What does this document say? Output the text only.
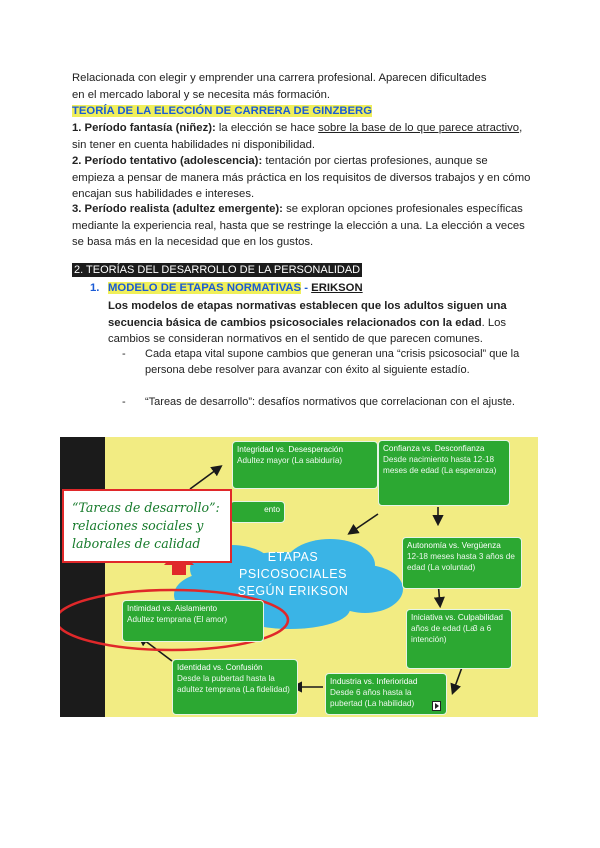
Relacionada con elegir y emprender una carrera profesional. Aparecen dificultades
en el mercado laboral y se necesita más formación.
TEORÍA DE LA ELECCIÓN DE CARRERA DE GINZBERG
1. Período fantasía (niñez): la elección se hace sobre la base de lo que parece atractivo, sin tener en cuenta habilidades ni disponibilidad.
2. Período tentativo (adolescencia): tentación por ciertas profesiones, aunque se empieza a pensar de manera más práctica en los requisitos de diversos trabajos y en cómo encajan sus habilidades e intereses.
3. Período realista (adultez emergente): se exploran opciones profesionales específicas mediante la experiencia real, hasta que se restringe la elección a una. La elección a veces se basa más en la necesidad que en los gustos.
2. TEORÍAS DEL DESARROLLO DE LA PERSONALIDAD
1. MODELO DE ETAPAS NORMATIVAS - ERIKSON
Los modelos de etapas normativas establecen que los adultos siguen una secuencia básica de cambios psicosociales relacionados con la edad. Los cambios se consideran normativos en el sentido de que parecen comunes.
-	Cada etapa vital supone cambios que generan una “crisis psicosocial” que la persona debe resolver para avanzar con éxito al siguiente estadío.
-	“Tareas de desarrollo”: desafíos normativos que correlacionan con el ajuste.
ETAPAS
PSICOSOCIALES
SEGÚN ERIKSON
Integridad vs. Desesperación
Adultez mayor (La sabiduría)
Confianza vs. Desconfianza
Desde nacimiento hasta 12-18 meses de edad (La esperanza)
ento
Autonomía vs. Vergüenza
12-18 meses hasta 3 años de edad (La voluntad)
Intimidad vs. Aislamiento
Adultez temprana (El amor)	Iniciativa vs. Culpabilidad
3 a 6
años de edad (La intención)
Identidad vs. Confusión
Desde la pubertad hasta la adultez temprana (La fidelidad)
Industria vs. Inferioridad
Desde 6 años hasta la pubertad (La habilidad)
“Tareas de desarrollo”: relaciones sociales y laborales de calidad
